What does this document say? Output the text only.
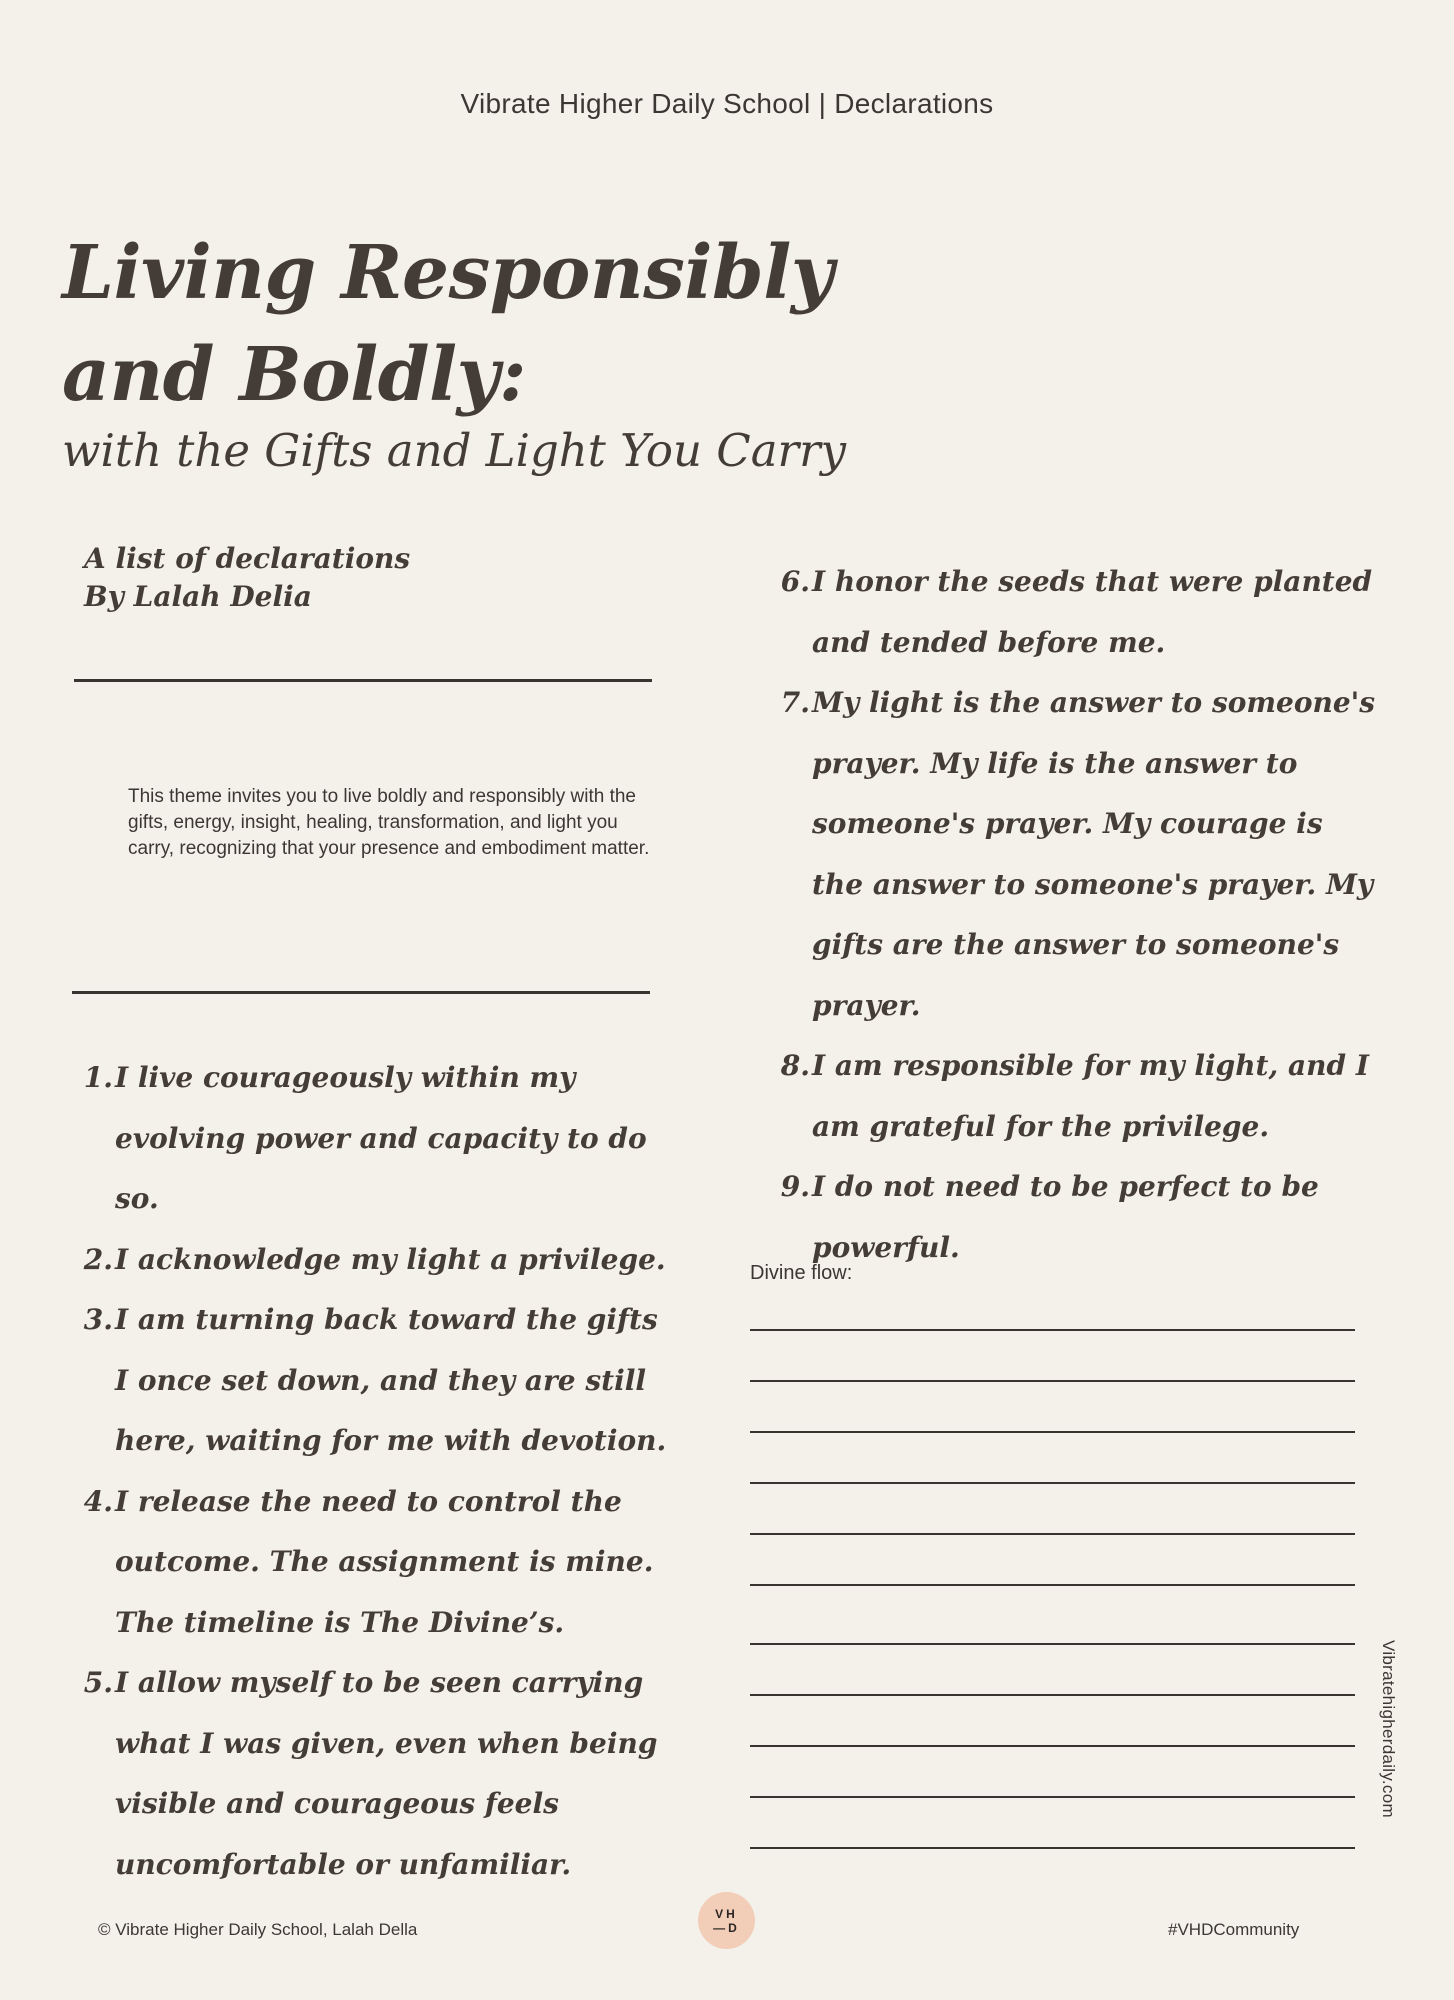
Vibrate Higher Daily School | Declarations
Living Responsibly and Boldly:
with the Gifts and Light You Carry
A list of declarations
By Lalah Delia

This theme invites you to live boldly and responsibly with the gifts, energy, insight, healing, transformation, and light you carry, recognizing that your presence and embodiment matter.

1. I live courageously within my evolving power and capacity to do so.
2. I acknowledge my light a privilege.
3. I am turning back toward the gifts I once set down, and they are still here, waiting for me with devotion.
4. I release the need to control the outcome. The assignment is mine. The timeline is The Divine’s.
5. I allow myself to be seen carrying what I was given, even when being visible and courageous feels uncomfortable or unfamiliar.
6. I honor the seeds that were planted and tended before me.
7. My light is the answer to someone's prayer. My life is the answer to someone's prayer. My courage is the answer to someone's prayer. My gifts are the answer to someone's prayer.
8. I am responsible for my light, and I am grateful for the privilege.
9. I do not need to be perfect to be powerful.
Divine flow:
Vibratehigherdaily.com
© Vibrate Higher Daily School, Lalah Della
VH
—D	#VHDCommunity
